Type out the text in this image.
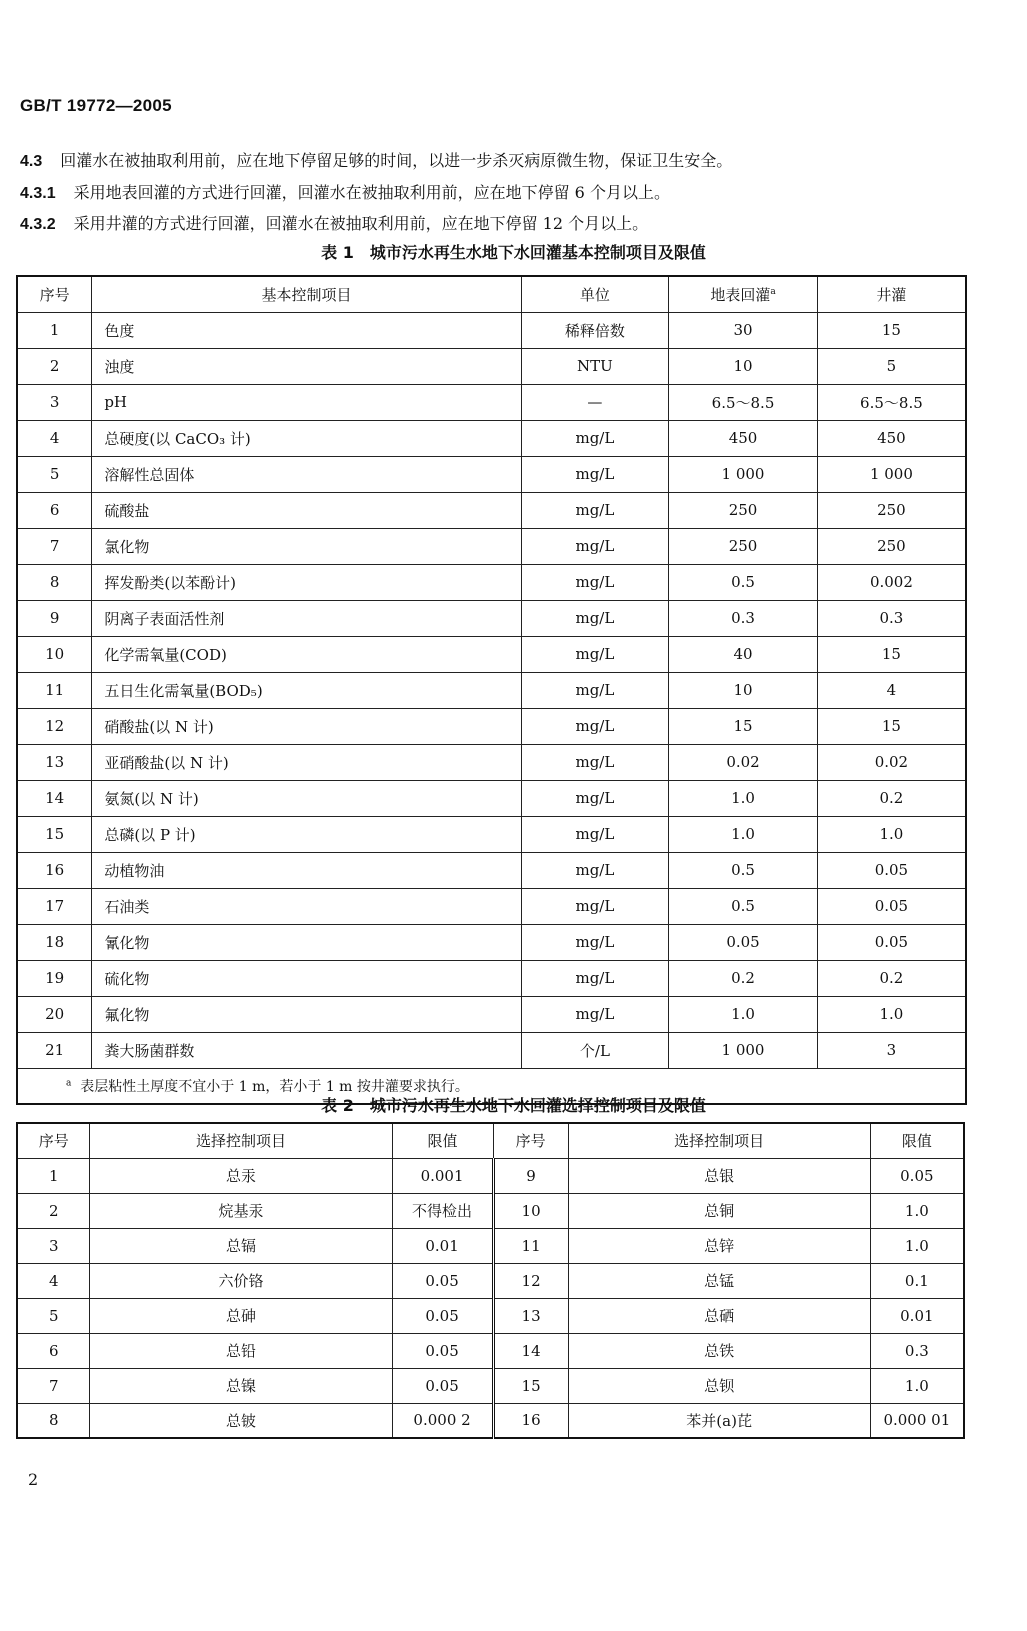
GB/T 19772—2005
4.3 回灌水在被抽取利用前，应在地下停留足够的时间，以进一步杀灭病原微生物，保证卫生安全。
4.3.1 采用地表回灌的方式进行回灌，回灌水在被抽取利用前，应在地下停留 6 个月以上。
4.3.2 采用井灌的方式进行回灌，回灌水在被抽取利用前，应在地下停留 12 个月以上。
表 1　城市污水再生水地下水回灌基本控制项目及限值
序号	基本控制项目	单位	地表回灌$^a$	井灌
1	色度	稀释倍数	30	15
2	浊度	NTU	10	5
3	pH	—	6.5～8.5	6.5～8.5
4	总硬度(以 CaCO₃ 计)	mg/L	450	450
5	溶解性总固体	mg/L	1 000	1 000
6	硫酸盐	mg/L	250	250
7	氯化物	mg/L	250	250
8	挥发酚类(以苯酚计)	mg/L	0.5	0.002
9	阴离子表面活性剂	mg/L	0.3	0.3
10	化学需氧量(COD)	mg/L	40	15
11	五日生化需氧量(BOD₅)	mg/L	10	4
12	硝酸盐(以 N 计)	mg/L	15	15
13	亚硝酸盐(以 N 计)	mg/L	0.02	0.02
14	氨氮(以 N 计)	mg/L	1.0	0.2
15	总磷(以 P 计)	mg/L	1.0	1.0
16	动植物油	mg/L	0.5	0.05
17	石油类	mg/L	0.5	0.05
18	氰化物	mg/L	0.05	0.05
19	硫化物	mg/L	0.2	0.2
20	氟化物	mg/L	1.0	1.0
21	粪大肠菌群数	个/L	1 000	3
$^a$ 表层粘性土厚度不宜小于 1 m，若小于 1 m 按井灌要求执行。				
表 2　城市污水再生水地下水回灌选择控制项目及限值
序号	选择控制项目	限值	序号	选择控制项目	限值
1	总汞	0.001	9	总银	0.05
2	烷基汞	不得检出	10	总铜	1.0
3	总镉	0.01	11	总锌	1.0
4	六价铬	0.05	12	总锰	0.1
5	总砷	0.05	13	总硒	0.01
6	总铅	0.05	14	总铁	0.3
7	总镍	0.05	15	总钡	1.0
8	总铍	0.000 2	16	苯并(a)芘	0.000 01
2
